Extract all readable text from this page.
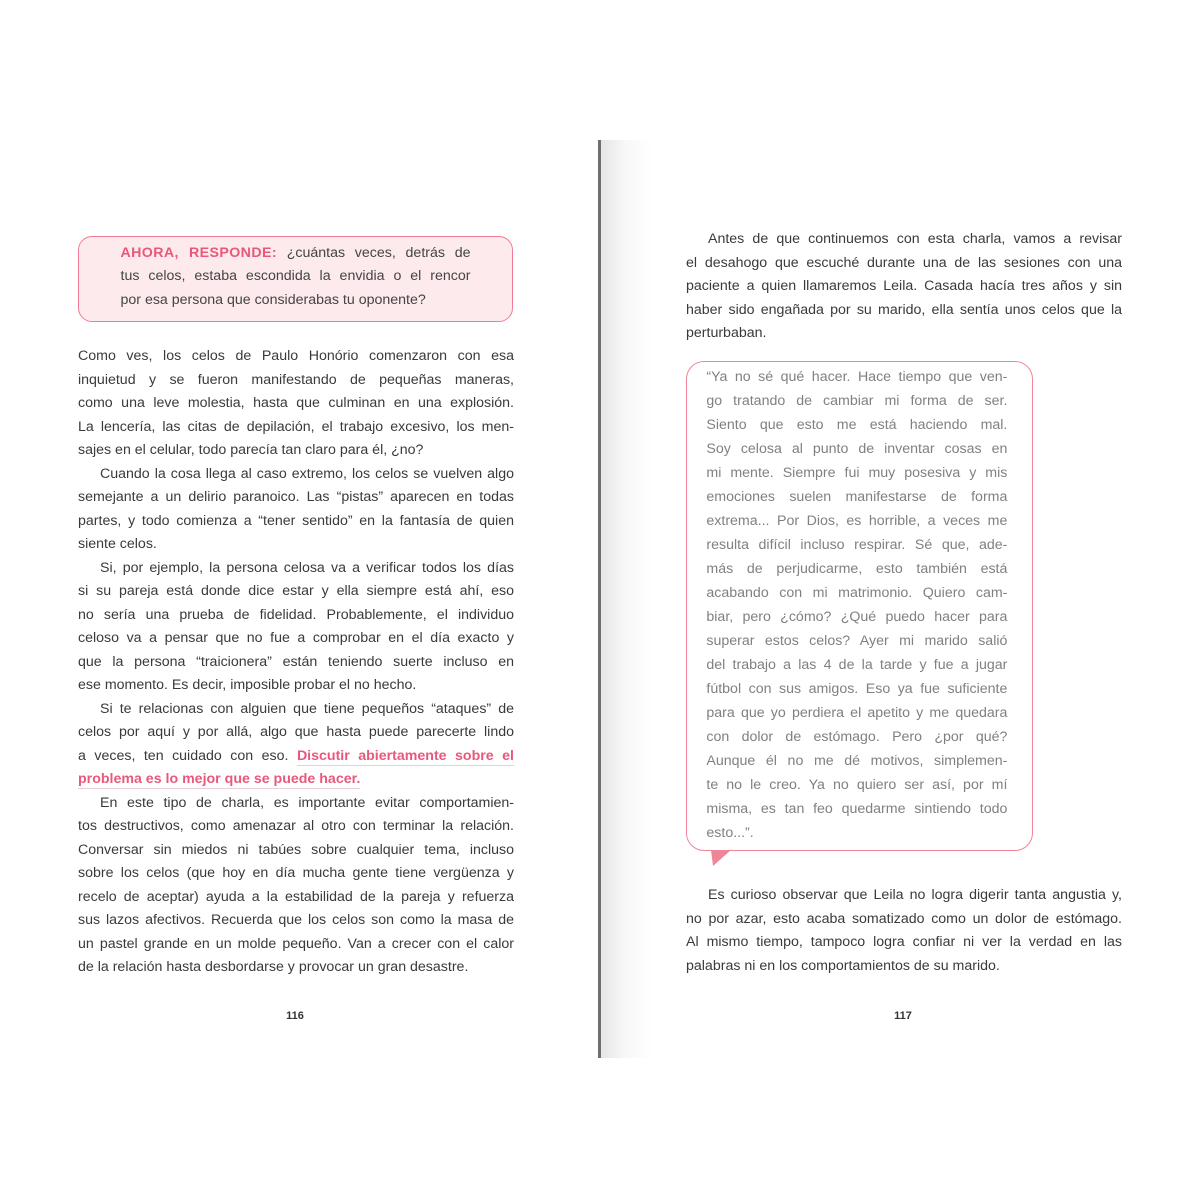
AHORA, RESPONDE: ¿cuántas veces, detrás de
tus celos, estaba escondida la envidia o el rencor
por esa persona que considerabas tu oponente?
Como ves, los celos de Paulo Honório comenzaron con esa
inquietud y se fueron manifestando de pequeñas maneras,
como una leve molestia, hasta que culminan en una explosión.
La lencería, las citas de depilación, el trabajo excesivo, los men-
sajes en el celular, todo parecía tan claro para él, ¿no?
Cuando la cosa llega al caso extremo, los celos se vuelven algo
semejante a un delirio paranoico. Las “pistas” aparecen en todas
partes, y todo comienza a “tener sentido” en la fantasía de quien
siente celos.
Si, por ejemplo, la persona celosa va a verificar todos los días
si su pareja está donde dice estar y ella siempre está ahí, eso
no sería una prueba de fidelidad. Probablemente, el individuo
celoso va a pensar que no fue a comprobar en el día exacto y
que la persona “traicionera” están teniendo suerte incluso en
ese momento. Es decir, imposible probar el no hecho.
Si te relacionas con alguien que tiene pequeños “ataques” de
celos por aquí y por allá, algo que hasta puede parecerte lindo
a veces, ten cuidado con eso. Discutir abiertamente sobre el
problema es lo mejor que se puede hacer.
En este tipo de charla, es importante evitar comportamien-
tos destructivos, como amenazar al otro con terminar la relación.
Conversar sin miedos ni tabúes sobre cualquier tema, incluso
sobre los celos (que hoy en día mucha gente tiene vergüenza y
recelo de aceptar) ayuda a la estabilidad de la pareja y refuerza
sus lazos afectivos. Recuerda que los celos son como la masa de
un pastel grande en un molde pequeño. Van a crecer con el calor
de la relación hasta desbordarse y provocar un gran desastre.
116
Antes de que continuemos con esta charla, vamos a revisar
el desahogo que escuché durante una de las sesiones con una
paciente a quien llamaremos Leila. Casada hacía tres años y sin
haber sido engañada por su marido, ella sentía unos celos que la
perturbaban.
“Ya no sé qué hacer. Hace tiempo que ven-
go tratando de cambiar mi forma de ser.
Siento que esto me está haciendo mal.
Soy celosa al punto de inventar cosas en
mi mente. Siempre fui muy posesiva y mis
emociones suelen manifestarse de forma
extrema... Por Dios, es horrible, a veces me
resulta difícil incluso respirar. Sé que, ade-
más de perjudicarme, esto también está
acabando con mi matrimonio. Quiero cam-
biar, pero ¿cómo? ¿Qué puedo hacer para
superar estos celos? Ayer mi marido salió
del trabajo a las 4 de la tarde y fue a jugar
fútbol con sus amigos. Eso ya fue suficiente
para que yo perdiera el apetito y me quedara
con dolor de estómago. Pero ¿por qué?
Aunque él no me dé motivos, simplemen-
te no le creo. Ya no quiero ser así, por mí
misma, es tan feo quedarme sintiendo todo
esto...”.
Es curioso observar que Leila no logra digerir tanta angustia y,
no por azar, esto acaba somatizado como un dolor de estómago.
Al mismo tiempo, tampoco logra confiar ni ver la verdad en las
palabras ni en los comportamientos de su marido.
117
